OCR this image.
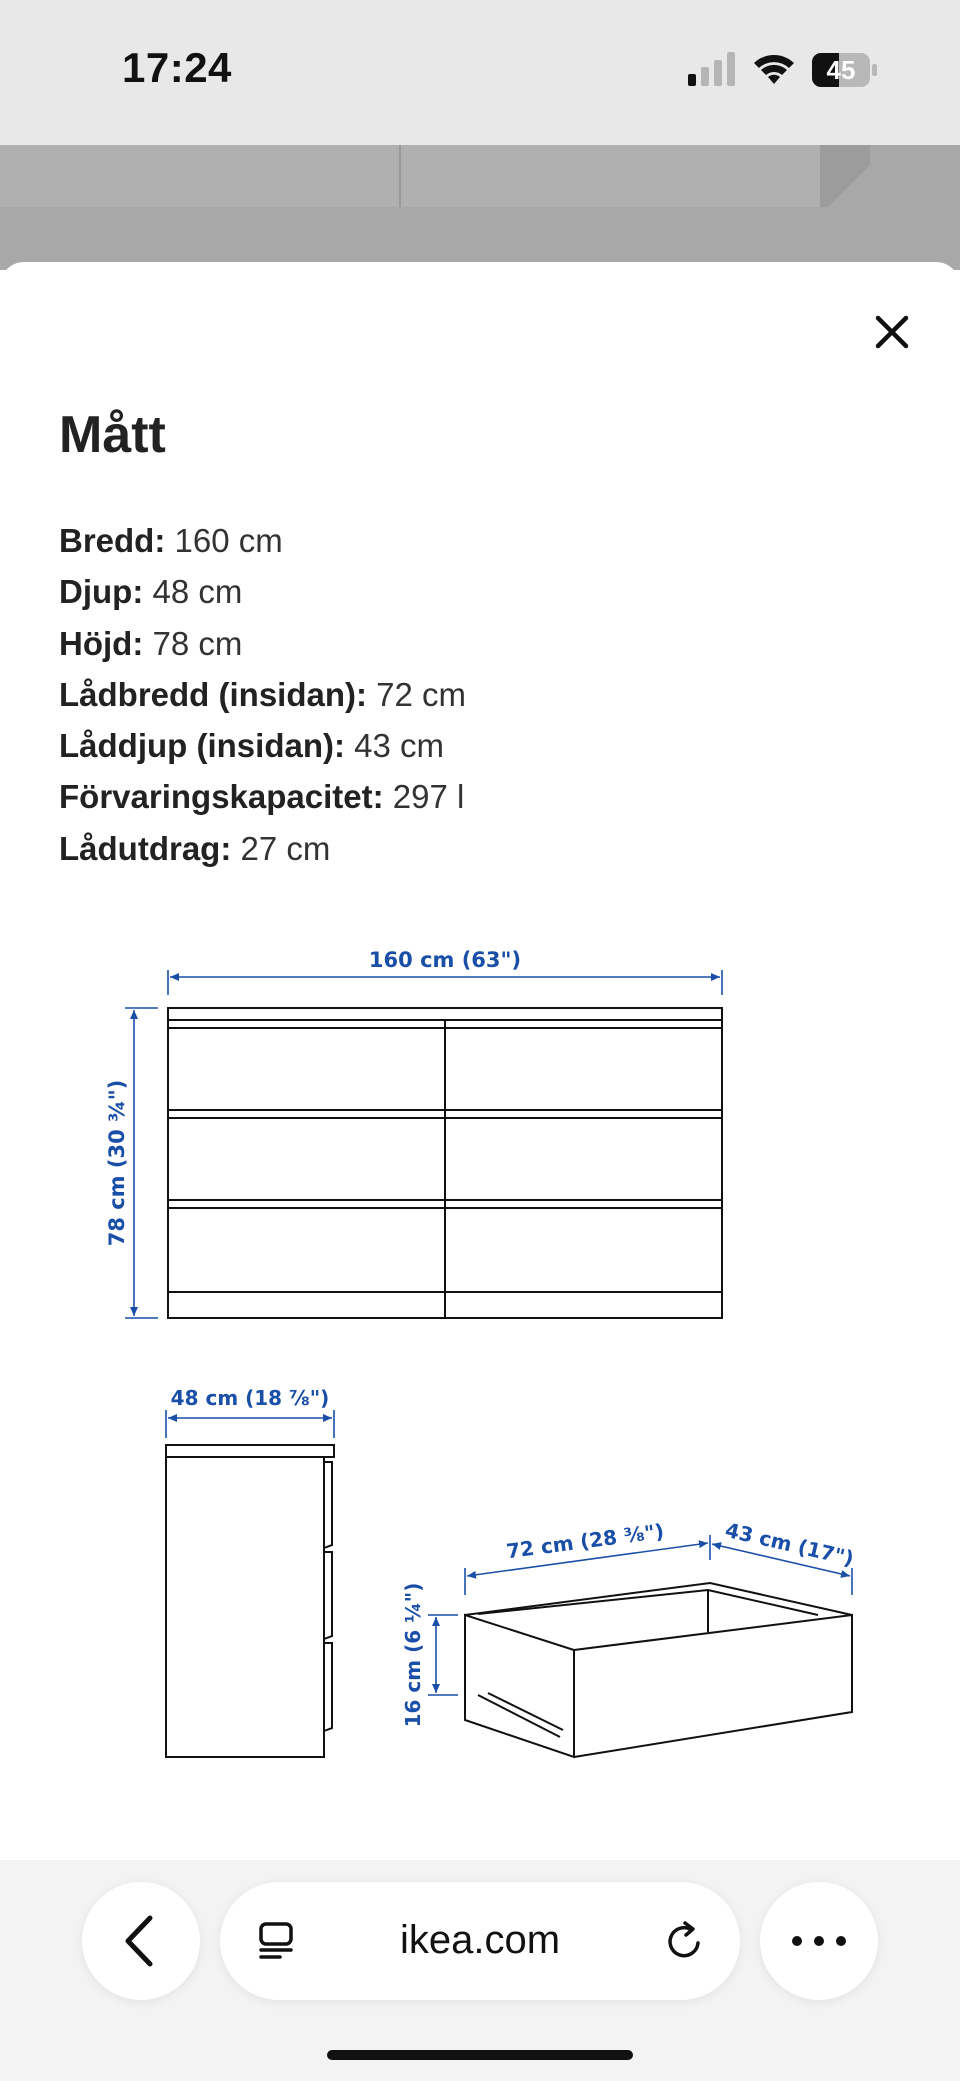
17:24	45
Mått
Bredd: 160 cm
Djup: 48 cm
Höjd: 78 cm
Lådbredd (insidan): 72 cm
Låddjup (insidan): 43 cm
Förvaringskapacitet: 297 l
Lådutdrag: 27 cm
160 cm (63")
78 cm (30 ¾")
48 cm (18 ⅞")
72 cm (28 ⅜")	43 cm (17")
16 cm (6 ¼")
ikea.com
